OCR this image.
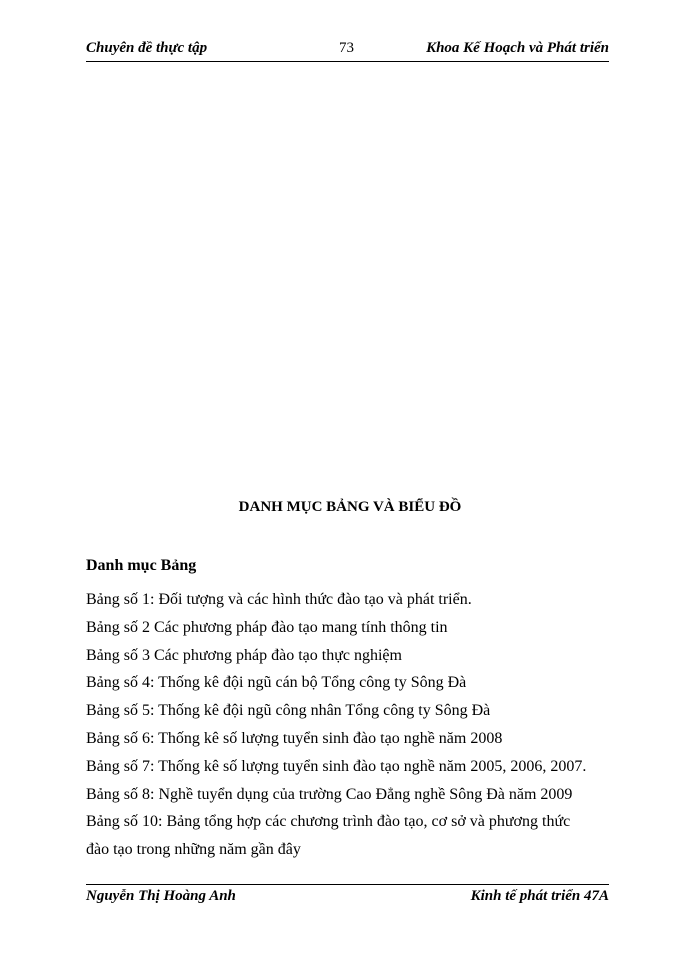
Chuyên đề thực tập	73	Khoa Kế Hoạch và Phát triển
DANH MỤC BẢNG VÀ BIỂU ĐỒ
Danh mục Bảng
Bảng số 1: Đối tượng và các hình thức đào tạo và phát triển.
Bảng số 2 Các phương pháp đào tạo mang tính thông tin
Bảng số 3 Các phương pháp đào tạo thực nghiệm
Bảng số 4: Thống kê đội ngũ cán bộ Tổng công ty Sông Đà
Bảng số 5: Thống kê đội ngũ công nhân Tổng công ty Sông Đà
Bảng số 6: Thống kê số lượng tuyển sinh đào tạo nghề năm 2008
Bảng số 7: Thống kê số lượng tuyển sinh đào tạo nghề năm 2005, 2006, 2007.
Bảng số 8: Nghề tuyển dụng của trường Cao Đẳng nghề Sông Đà năm 2009
Bảng số 10: Bảng tổng hợp các chương trình đào tạo, cơ sở và phương thức
đào tạo trong những năm gần đây
Nguyễn Thị Hoàng Anh	Kinh tế phát triển 47A
